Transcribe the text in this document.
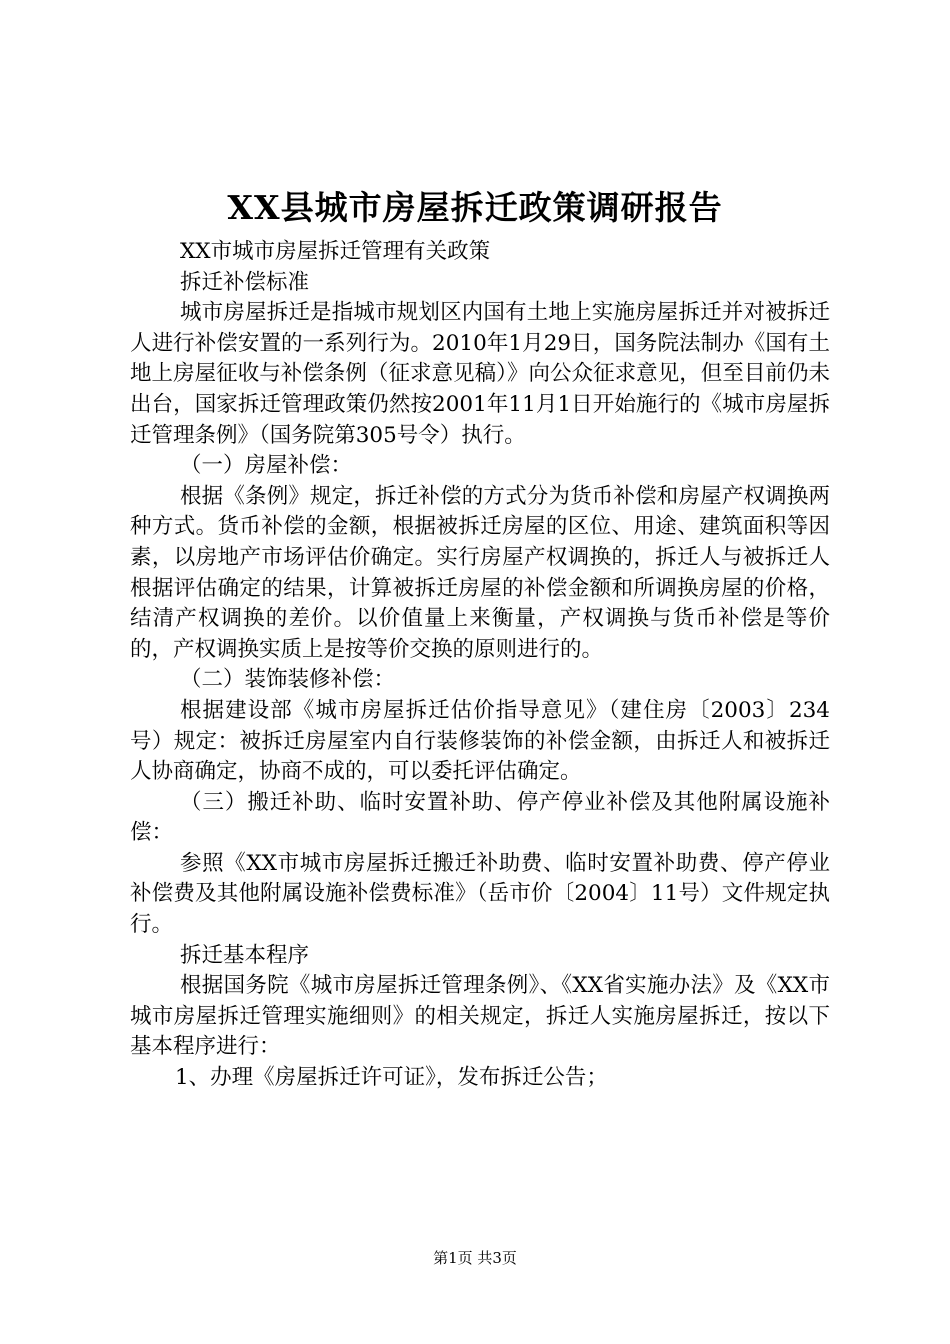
XX县城市房屋拆迁政策调研报告

XX市城市房屋拆迁管理有关政策

拆迁补偿标准

城市房屋拆迁是指城市规划区内国有土地上实施房屋拆迁并对被拆迁人进行补偿安置的一系列行为。2010年1月29日，国务院法制办《国有土地上房屋征收与补偿条例（征求意见稿）》向公众征求意见，但至目前仍未出台，国家拆迁管理政策仍然按2001年11月1日开始施行的《城市房屋拆迁管理条例》（国务院第305号令）执行。

（一）房屋补偿：

根据《条例》规定，拆迁补偿的方式分为货币补偿和房屋产权调换两种方式。货币补偿的金额，根据被拆迁房屋的区位、用途、建筑面积等因素，以房地产市场评估价确定。实行房屋产权调换的，拆迁人与被拆迁人根据评估确定的结果，计算被拆迁房屋的补偿金额和所调换房屋的价格，结清产权调换的差价。以价值量上来衡量，产权调换与货币补偿是等价的，产权调换实质上是按等价交换的原则进行的。

（二）装饰装修补偿：

根据建设部《城市房屋拆迁估价指导意见》（建住房〔2003〕234号）规定：被拆迁房屋室内自行装修装饰的补偿金额，由拆迁人和被拆迁人协商确定，协商不成的，可以委托评估确定。

（三）搬迁补助、临时安置补助、停产停业补偿及其他附属设施补偿：

参照《XX市城市房屋拆迁搬迁补助费、临时安置补助费、停产停业补偿费及其他附属设施补偿费标准》（岳市价〔2004〕11号）文件规定执行。

拆迁基本程序

根据国务院《城市房屋拆迁管理条例》、《XX省实施办法》及《XX市城市房屋拆迁管理实施细则》的相关规定，拆迁人实施房屋拆迁，按以下基本程序进行：

1、办理《房屋拆迁许可证》，发布拆迁公告；

第1页 共3页
